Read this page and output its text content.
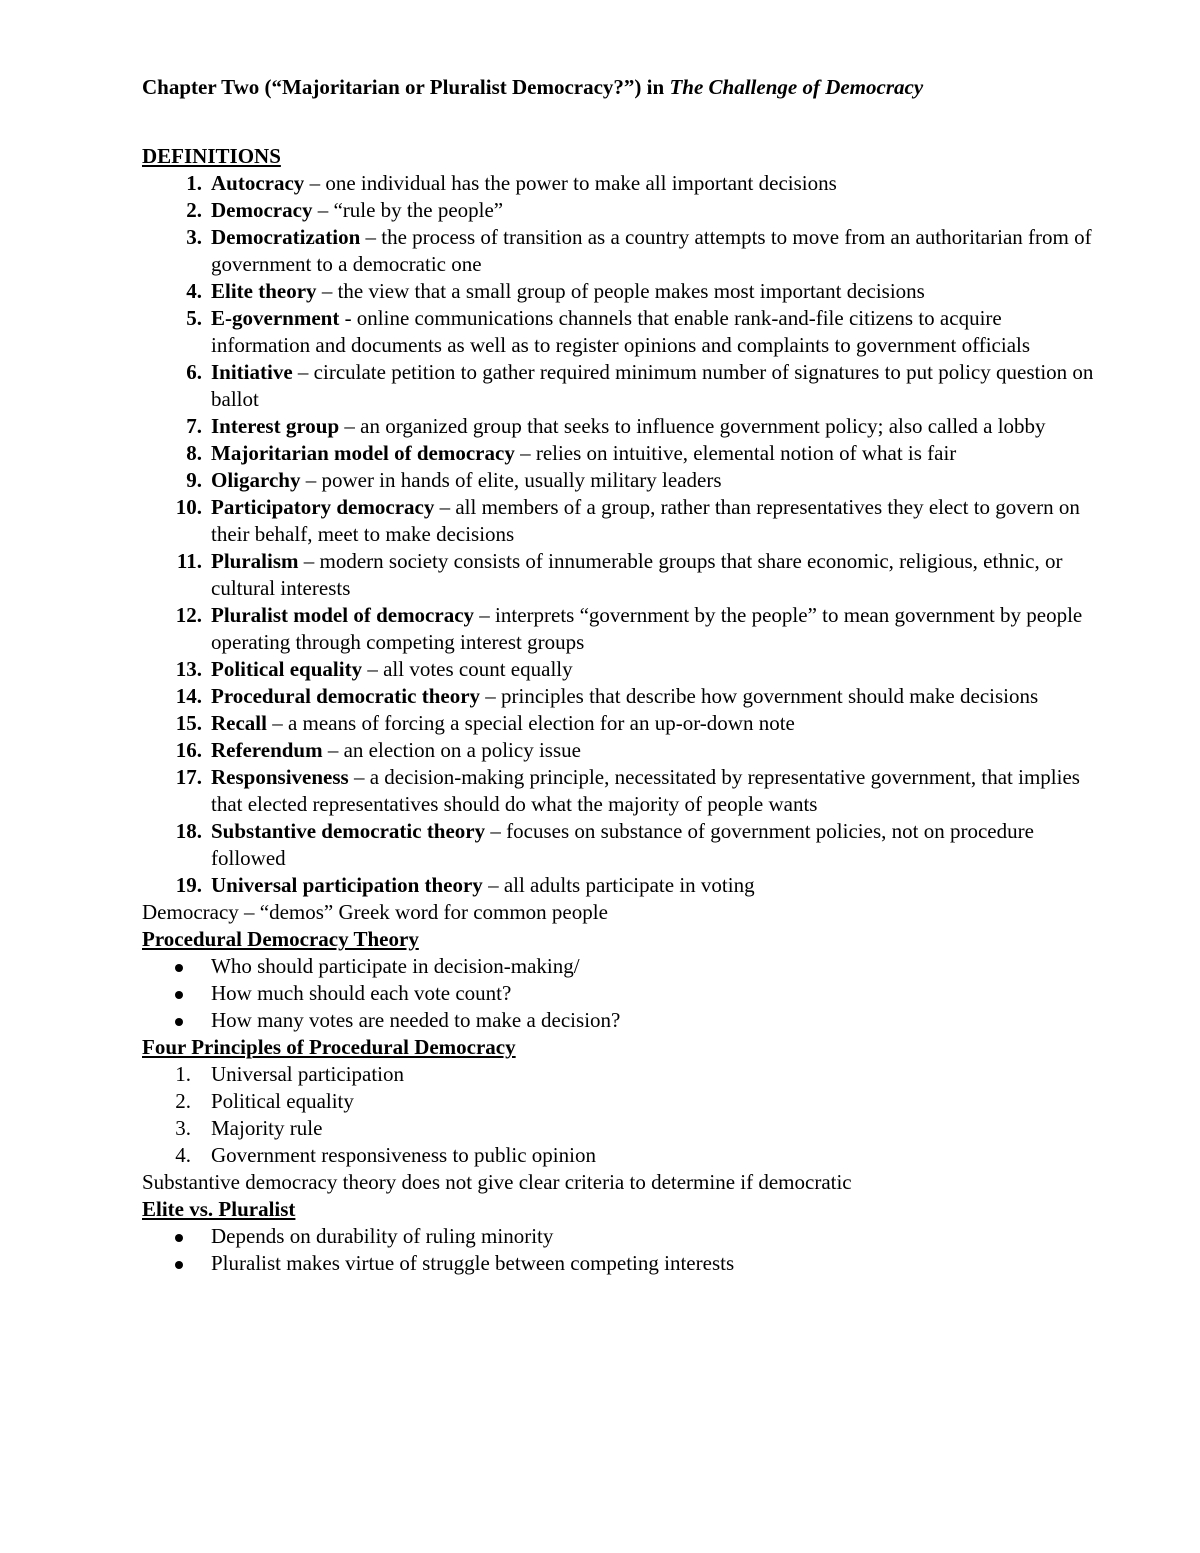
Chapter Two (“Majoritarian or Pluralist Democracy?”) in The Challenge of Democracy
DEFINITIONS
1. Autocracy – one individual has the power to make all important decisions
2. Democracy – “rule by the people”
3. Democratization – the process of transition as a country attempts to move from an authoritarian from of government to a democratic one
4. Elite theory – the view that a small group of people makes most important decisions
5. E-government - online communications channels that enable rank-and-file citizens to acquire information and documents as well as to register opinions and complaints to government officials
6. Initiative – circulate petition to gather required minimum number of signatures to put policy question on ballot
7. Interest group – an organized group that seeks to influence government policy; also called a lobby
8. Majoritarian model of democracy – relies on intuitive, elemental notion of what is fair
9. Oligarchy – power in hands of elite, usually military leaders
10. Participatory democracy – all members of a group, rather than representatives they elect to govern on their behalf, meet to make decisions
11. Pluralism – modern society consists of innumerable groups that share economic, religious, ethnic, or cultural interests
12. Pluralist model of democracy – interprets “government by the people” to mean government by people operating through competing interest groups
13. Political equality – all votes count equally
14. Procedural democratic theory – principles that describe how government should make decisions
15. Recall – a means of forcing a special election for an up-or-down note
16. Referendum – an election on a policy issue
17. Responsiveness – a decision-making principle, necessitated by representative government, that implies that elected representatives should do what the majority of people wants
18. Substantive democratic theory – focuses on substance of government policies, not on procedure followed
19. Universal participation theory – all adults participate in voting

Democracy – “demos” Greek word for common people

Procedural Democracy Theory
Who should participate in decision-making/
How much should each vote count?
How many votes are needed to make a decision?
Four Principles of Procedural Democracy
1. Universal participation
2. Political equality
3. Majority rule
4. Government responsiveness to public opinion

Substantive democracy theory does not give clear criteria to determine if democratic

Elite vs. Pluralist
Depends on durability of ruling minority
Pluralist makes virtue of struggle between competing interests
